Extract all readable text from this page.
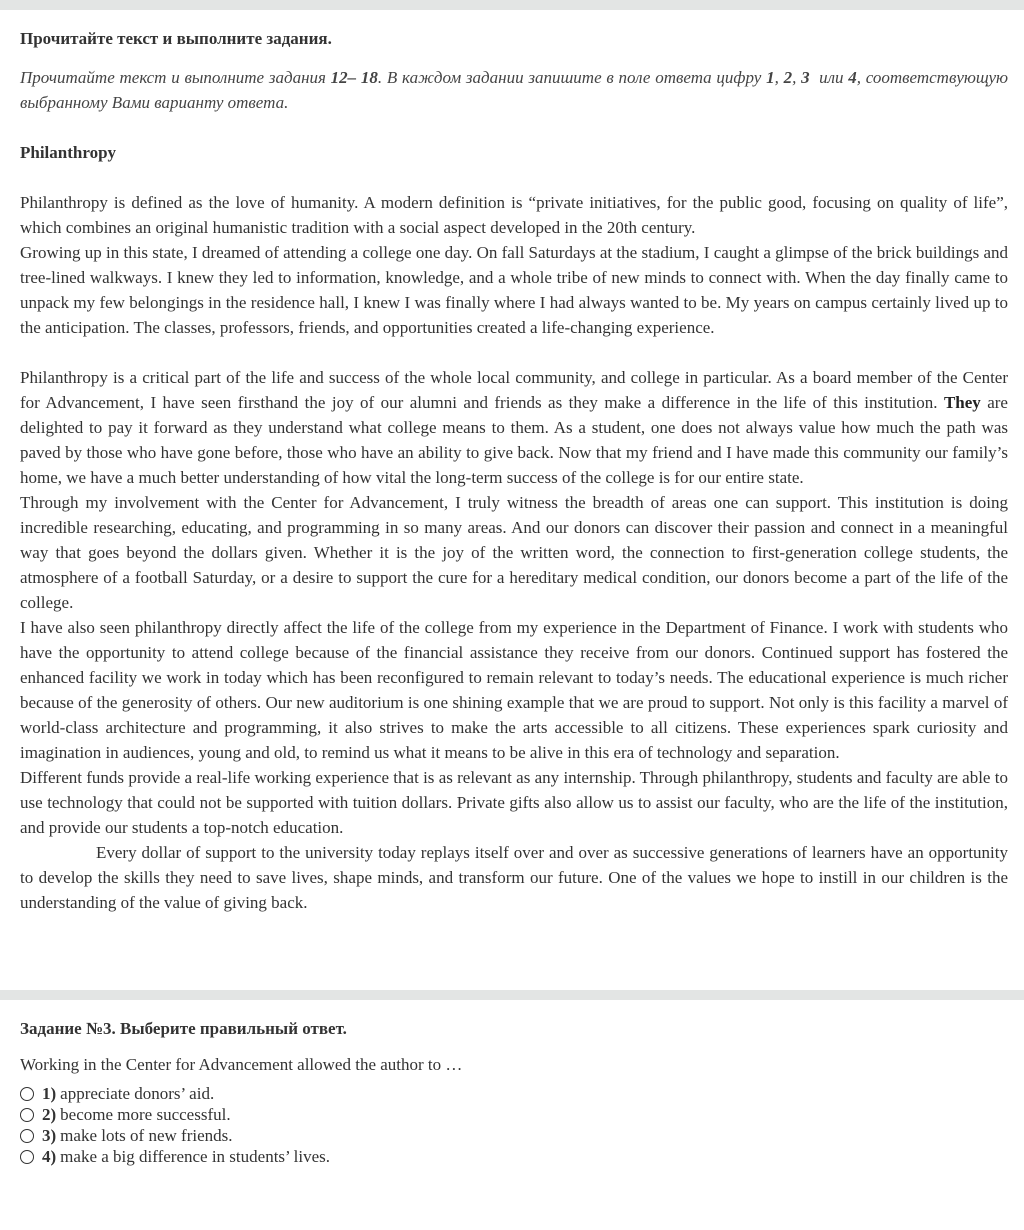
Прочитайте текст и выполните задания.

Прочитайте текст и выполните задания 12– 18. В каждом задании запишите в поле ответа цифру 1, 2, 3  или 4, соответствующую выбранному Вами варианту ответа.

Philanthropy

Philanthropy is defined as the love of humanity. A modern definition is “private initiatives, for the public good, focusing on quality of life”, which combines an original humanistic tradition with a social aspect developed in the 20th century.

Growing up in this state, I dreamed of attending a college one day. On fall Saturdays at the stadium, I caught a glimpse of the brick buildings and tree-lined walkways. I knew they led to information, knowledge, and a whole tribe of new minds to connect with. When the day finally came to unpack my few belongings in the residence hall, I knew I was finally where I had always wanted to be. My years on campus certainly lived up to the anticipation. The classes, professors, friends, and opportunities created a life-changing experience.

Philanthropy is a critical part of the life and success of the whole local community, and college in particular. As a board member of the Center for Advancement, I have seen firsthand the joy of our alumni and friends as they make a difference in the life of this institution. They are delighted to pay it forward as they understand what college means to them. As a student, one does not always value how much the path was paved by those who have gone before, those who have an ability to give back. Now that my friend and I have made this community our family’s home, we have a much better understanding of how vital the long-term success of the college is for our entire state.

Through my involvement with the Center for Advancement, I truly witness the breadth of areas one can support. This institution is doing incredible researching, educating, and programming in so many areas. And our donors can discover their passion and connect in a meaningful way that goes beyond the dollars given. Whether it is the joy of the written word, the connection to first-generation college students, the atmosphere of a football Saturday, or a desire to support the cure for a hereditary medical condition, our donors become a part of the life of the college.

I have also seen philanthropy directly affect the life of the college from my experience in the Department of Finance. I work with students who have the opportunity to attend college because of the financial assistance they receive from our donors. Continued support has fostered the enhanced facility we work in today which has been reconfigured to remain relevant to today’s needs. The educational experience is much richer because of the generosity of others. Our new auditorium is one shining example that we are proud to support. Not only is this facility a marvel of world-class architecture and programming, it also strives to make the arts accessible to all citizens. These experiences spark curiosity and imagination in audiences, young and old, to remind us what it means to be alive in this era of technology and separation.

Different funds provide a real-life working experience that is as relevant as any internship. Through philanthropy, students and faculty are able to use technology that could not be supported with tuition dollars. Private gifts also allow us to assist our faculty, who are the life of the institution, and provide our students a top-notch education.

Every dollar of support to the university today replays itself over and over as successive generations of learners have an opportunity to develop the skills they need to save lives, shape minds, and transform our future. One of the values we hope to instill in our children is the understanding of the value of giving back.

Задание №3. Выберите правильный ответ.

Working in the Center for Advancement allowed the author to …

1) appreciate donors’ aid.
2) become more successful.
3) make lots of new friends.
4) make a big difference in students’ lives.
